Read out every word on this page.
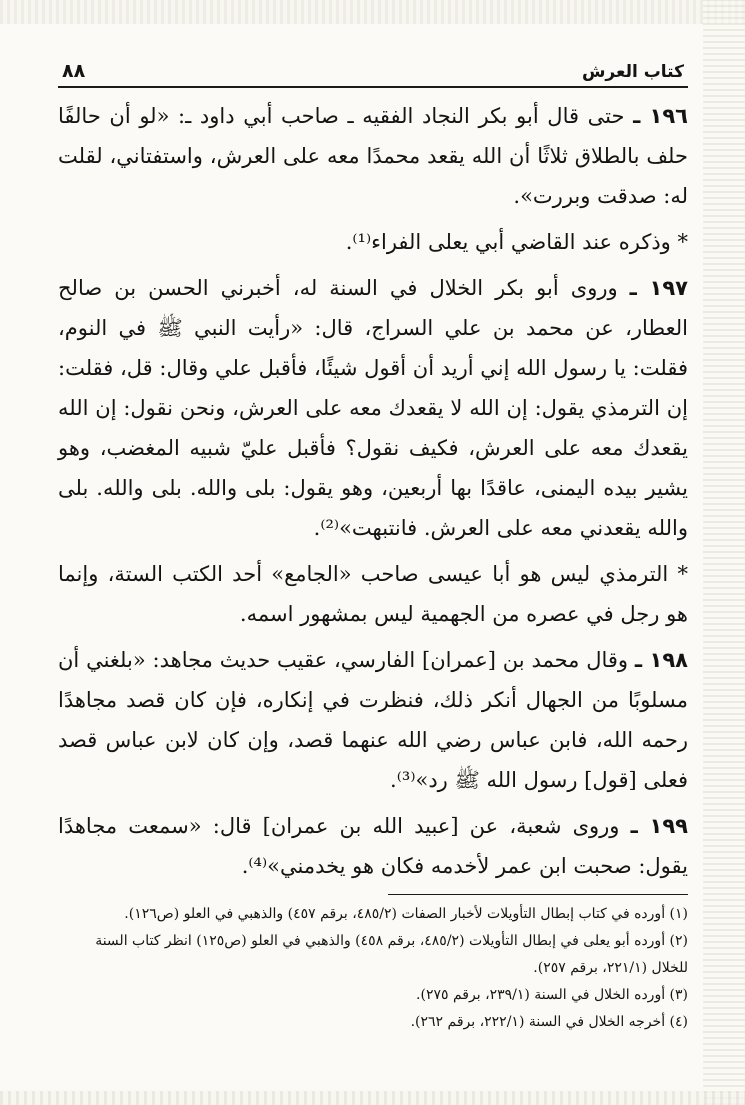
كتاب العرش
٨٨

١٩٦ ـ حتى قال أبو بكر النجاد الفقيه ـ صاحب أبي داود ـ: «لو أن حالفًا حلف بالطلاق ثلاثًا أن الله يقعد محمدًا معه على العرش، واستفتاني، لقلت له: صدقت وبررت».

* وذكره عند القاضي أبي يعلى الفراء⁽¹⁾.

١٩٧ ـ وروى أبو بكر الخلال في السنة له، أخبرني الحسن بن صالح العطار، عن محمد بن علي السراج، قال: «رأيت النبي ﷺ في النوم، فقلت: يا رسول الله إني أريد أن أقول شيئًا، فأقبل علي وقال: قل، فقلت: إن الترمذي يقول: إن الله لا يقعدك معه على العرش، ونحن نقول: إن الله يقعدك معه على العرش، فكيف نقول؟ فأقبل عليّ شبيه المغضب، وهو يشير بيده اليمنى، عاقدًا بها أربعين، وهو يقول: بلى والله. بلى والله. بلى والله يقعدني معه على العرش. فانتبهت»⁽²⁾.

* الترمذي ليس هو أبا عيسى صاحب «الجامع» أحد الكتب الستة، وإنما هو رجل في عصره من الجهمية ليس بمشهور اسمه.

١٩٨ ـ وقال محمد بن [عمران] الفارسي، عقيب حديث مجاهد: «بلغني أن مسلوبًا من الجهال أنكر ذلك، فنظرت في إنكاره، فإن كان قصد مجاهدًا رحمه الله، فابن عباس رضي الله عنهما قصد، وإن كان لابن عباس قصد فعلى [قول] رسول الله ﷺ رد»⁽³⁾.

١٩٩ ـ وروى شعبة، عن [عبيد الله بن عمران] قال: «سمعت مجاهدًا يقول: صحبت ابن عمر لأخدمه فكان هو يخدمني»⁽⁴⁾.

(١) أورده في كتاب إبطال التأويلات لأخبار الصفات (٤٨٥/٢، برقم ٤٥٧) والذهبي في العلو (ص١٢٦).

(٢) أورده أبو يعلى في إبطال التأويلات (٤٨٥/٢، برقم ٤٥٨) والذهبي في العلو (ص١٢٥) انظر كتاب السنة للخلال (٢٢١/١، برقم ٢٥٧).

(٣) أورده الخلال في السنة (٢٣٩/١، برقم ٢٧٥).

(٤) أخرجه الخلال في السنة (٢٢٢/١، برقم ٢٦٢).
